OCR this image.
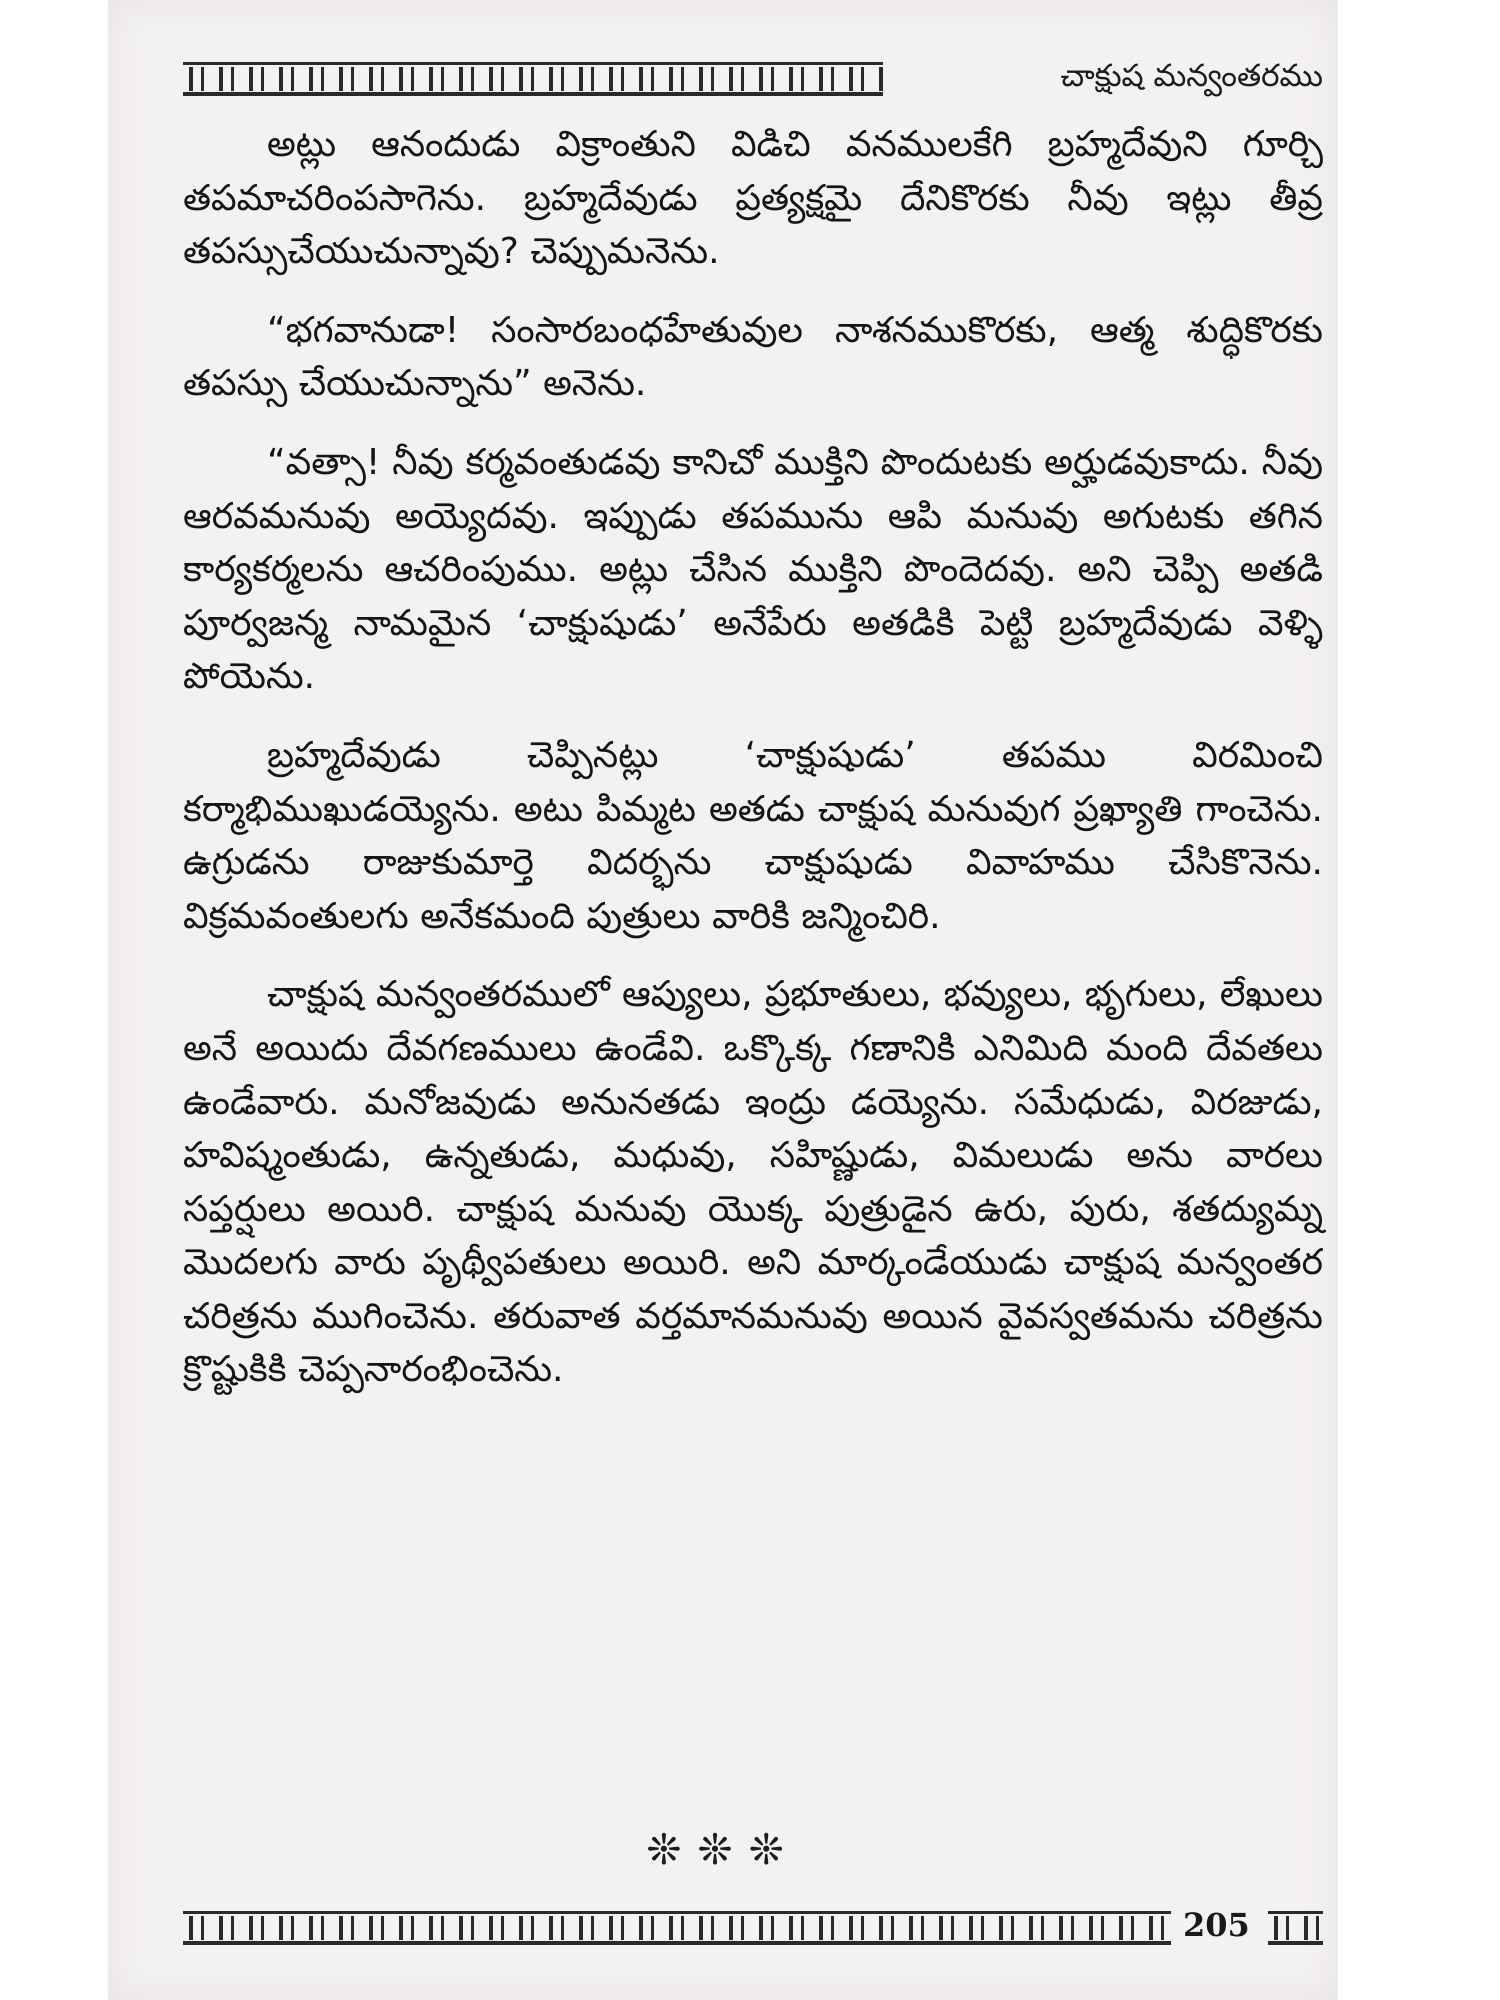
చాక్షుష మన్వంతరము

అట్లు ఆనందుడు విక్రాంతుని విడిచి వనములకేగి బ్రహ్మదేవుని గూర్చి తపమాచరింపసాగెను. బ్రహ్మదేవుడు ప్రత్యక్షమై దేనికొరకు నీవు ఇట్లు తీవ్ర తపస్సుచేయుచున్నావు? చెప్పుమనెను.

“భగవానుడా! సంసారబంధహేతువుల నాశనముకొరకు, ఆత్మ శుద్ధికొరకు తపస్సు చేయుచున్నాను” అనెను.

“వత్సా! నీవు కర్మవంతుడవు కానిచో ముక్తిని పొందుటకు అర్హుడవుకాదు. నీవు ఆరవమనువు అయ్యెదవు. ఇప్పుడు తపమును ఆపి మనువు అగుటకు తగిన కార్యకర్మలను ఆచరింపుము. అట్లు చేసిన ముక్తిని పొందెదవు. అని చెప్పి అతడి పూర్వజన్మ నామమైన ‘చాక్షుషుడు’ అనేపేరు అతడికి పెట్టి బ్రహ్మదేవుడు వెళ్ళి పోయెను.

బ్రహ్మదేవుడు చెప్పినట్లు ‘చాక్షుషుడు’ తపము విరమించి కర్మాభిముఖుడయ్యెను. అటు పిమ్మట అతడు చాక్షుష మనువుగ ప్రఖ్యాతి గాంచెను. ఉగ్రుడను రాజుకుమార్తె విదర్భను చాక్షుషుడు వివాహము చేసికొనెను. విక్రమవంతులగు అనేకమంది పుత్రులు వారికి జన్మించిరి.

చాక్షుష మన్వంతరములో ఆప్యులు, ప్రభూతులు, భవ్యులు, భృగులు, లేఖులు అనే అయిదు దేవగణములు ఉండేవి. ఒక్కొక్క గణానికి ఎనిమిది మంది దేవతలు ఉండేవారు. మనోజవుడు అనునతడు ఇంద్రు డయ్యెను. సమేధుడు, విరజుడు, హవిష్మంతుడు, ఉన్నతుడు, మధువు, సహిష్ణుడు, విమలుడు అను వారలు సప్తర్షులు అయిరి. చాక్షుష మనువు యొక్క పుత్రుడైన ఉరు, పురు, శతద్యుమ్న మొదలగు వారు పృథ్వీపతులు అయిరి. అని మార్కండేయుడు చాక్షుష మన్వంతర చరిత్రను ముగించెను. తరువాత వర్తమానమనువు అయిన వైవస్వతమను చరిత్రను క్రొష్టుకికి చెప్పనారంభించెను.

❊❊❊
205
